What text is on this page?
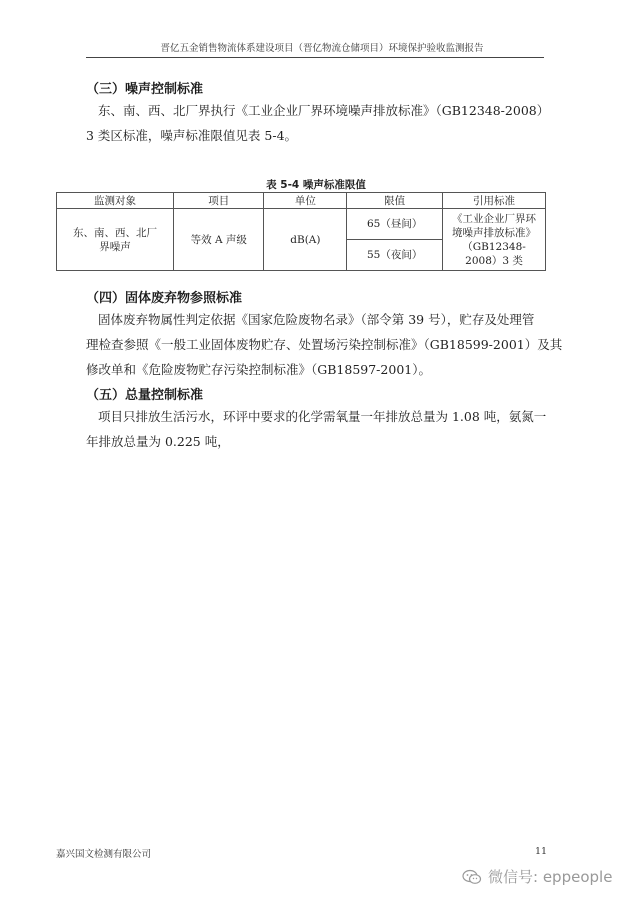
晋亿五金销售物流体系建设项目（晋亿物流仓储项目）环境保护验收监测报告
（三）噪声控制标准
东、南、西、北厂界执行《工业企业厂界环境噪声排放标准》（GB12348-2008）
3 类区标准，噪声标准限值见表 5-4。
表 5-4 噪声标准限值
监测对象	项目	单位	限值	引用标准
东、南、西、北厂界噪声	等效 A 声级	dB(A)	65（昼间）	《工业企业厂界环境噪声排放标准》（GB12348-2008）3 类
			55（夜间）	
（四）固体废弃物参照标准
固体废弃物属性判定依据《国家危险废物名录》（部令第 39 号），贮存及处理管
理检查参照《一般工业固体废物贮存、处置场污染控制标准》（GB18599-2001）及其
修改单和《危险废物贮存污染控制标准》（GB18597-2001）。
（五）总量控制标准
项目只排放生活污水，环评中要求的化学需氧量一年排放总量为 1.08 吨，氨氮一
年排放总量为 0.225 吨，
嘉兴国文检测有限公司	11
微信号: eppeople
